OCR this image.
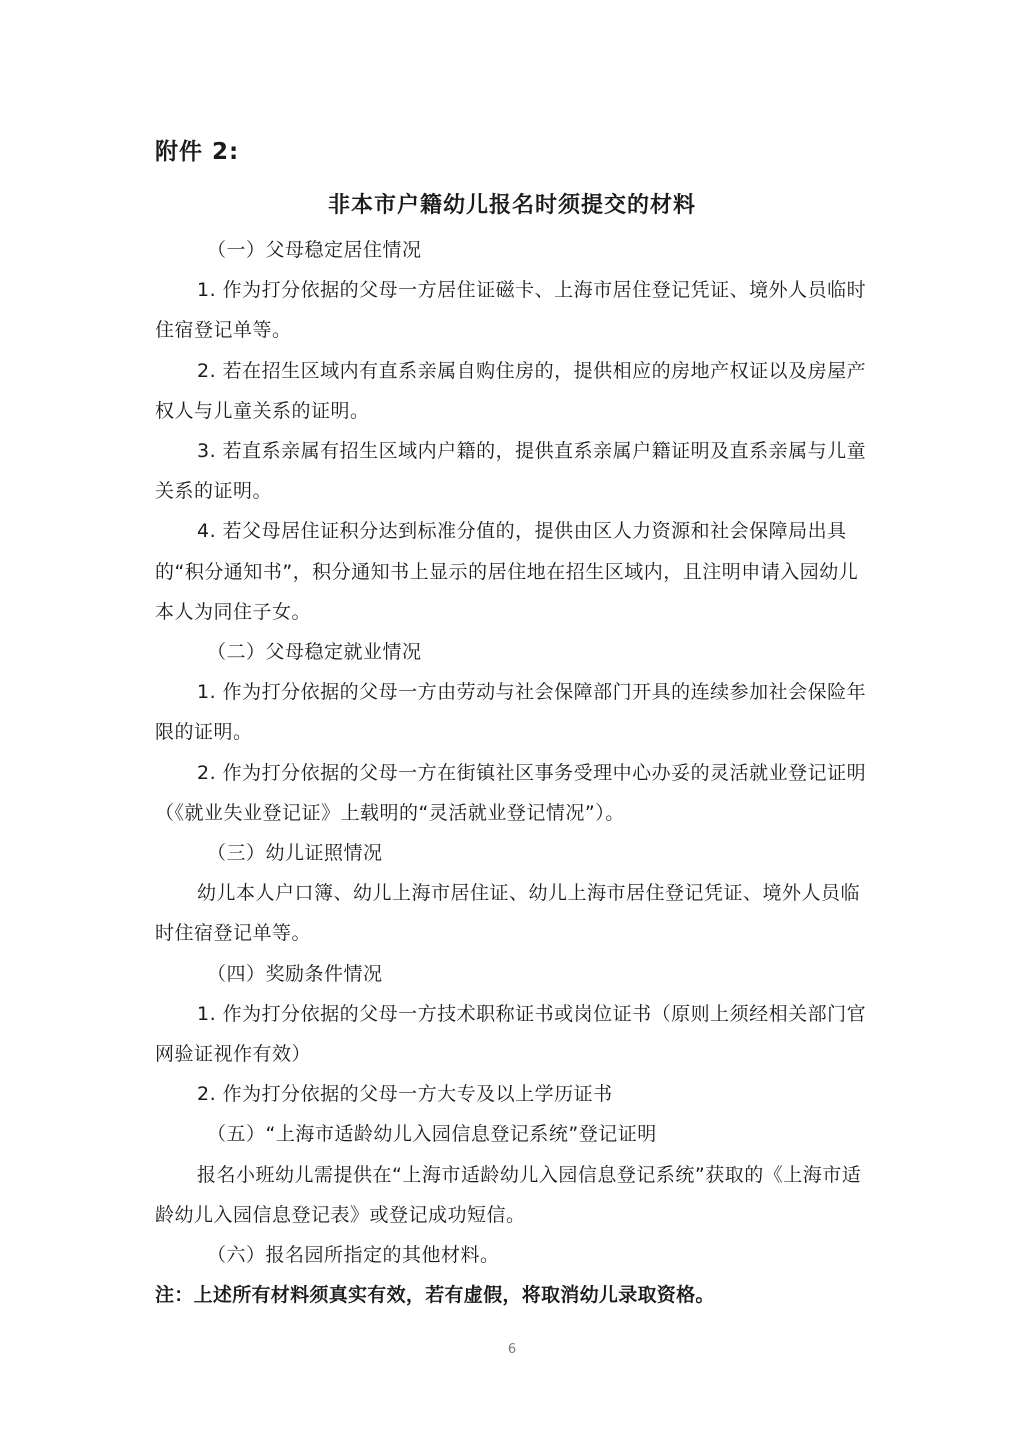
附件 2:
非本市户籍幼儿报名时须提交的材料

（一）父母稳定居住情况

1. 作为打分依据的父母一方居住证磁卡、上海市居住登记凭证、境外人员临时住宿登记单等。

2. 若在招生区域内有直系亲属自购住房的，提供相应的房地产权证以及房屋产权人与儿童关系的证明。

3. 若直系亲属有招生区域内户籍的，提供直系亲属户籍证明及直系亲属与儿童关系的证明。

4. 若父母居住证积分达到标准分值的，提供由区人力资源和社会保障局出具的“积分通知书”，积分通知书上显示的居住地在招生区域内，且注明申请入园幼儿本人为同住子女。

（二）父母稳定就业情况

1. 作为打分依据的父母一方由劳动与社会保障部门开具的连续参加社会保险年限的证明。

2. 作为打分依据的父母一方在街镇社区事务受理中心办妥的灵活就业登记证明（《就业失业登记证》上载明的“灵活就业登记情况”）。

（三）幼儿证照情况

幼儿本人户口簿、幼儿上海市居住证、幼儿上海市居住登记凭证、境外人员临时住宿登记单等。

（四）奖励条件情况

1. 作为打分依据的父母一方技术职称证书或岗位证书（原则上须经相关部门官网验证视作有效）

2. 作为打分依据的父母一方大专及以上学历证书

（五）“上海市适龄幼儿入园信息登记系统”登记证明

报名小班幼儿需提供在“上海市适龄幼儿入园信息登记系统”获取的《上海市适龄幼儿入园信息登记表》或登记成功短信。

（六）报名园所指定的其他材料。

注：上述所有材料须真实有效，若有虚假，将取消幼儿录取资格。

6
